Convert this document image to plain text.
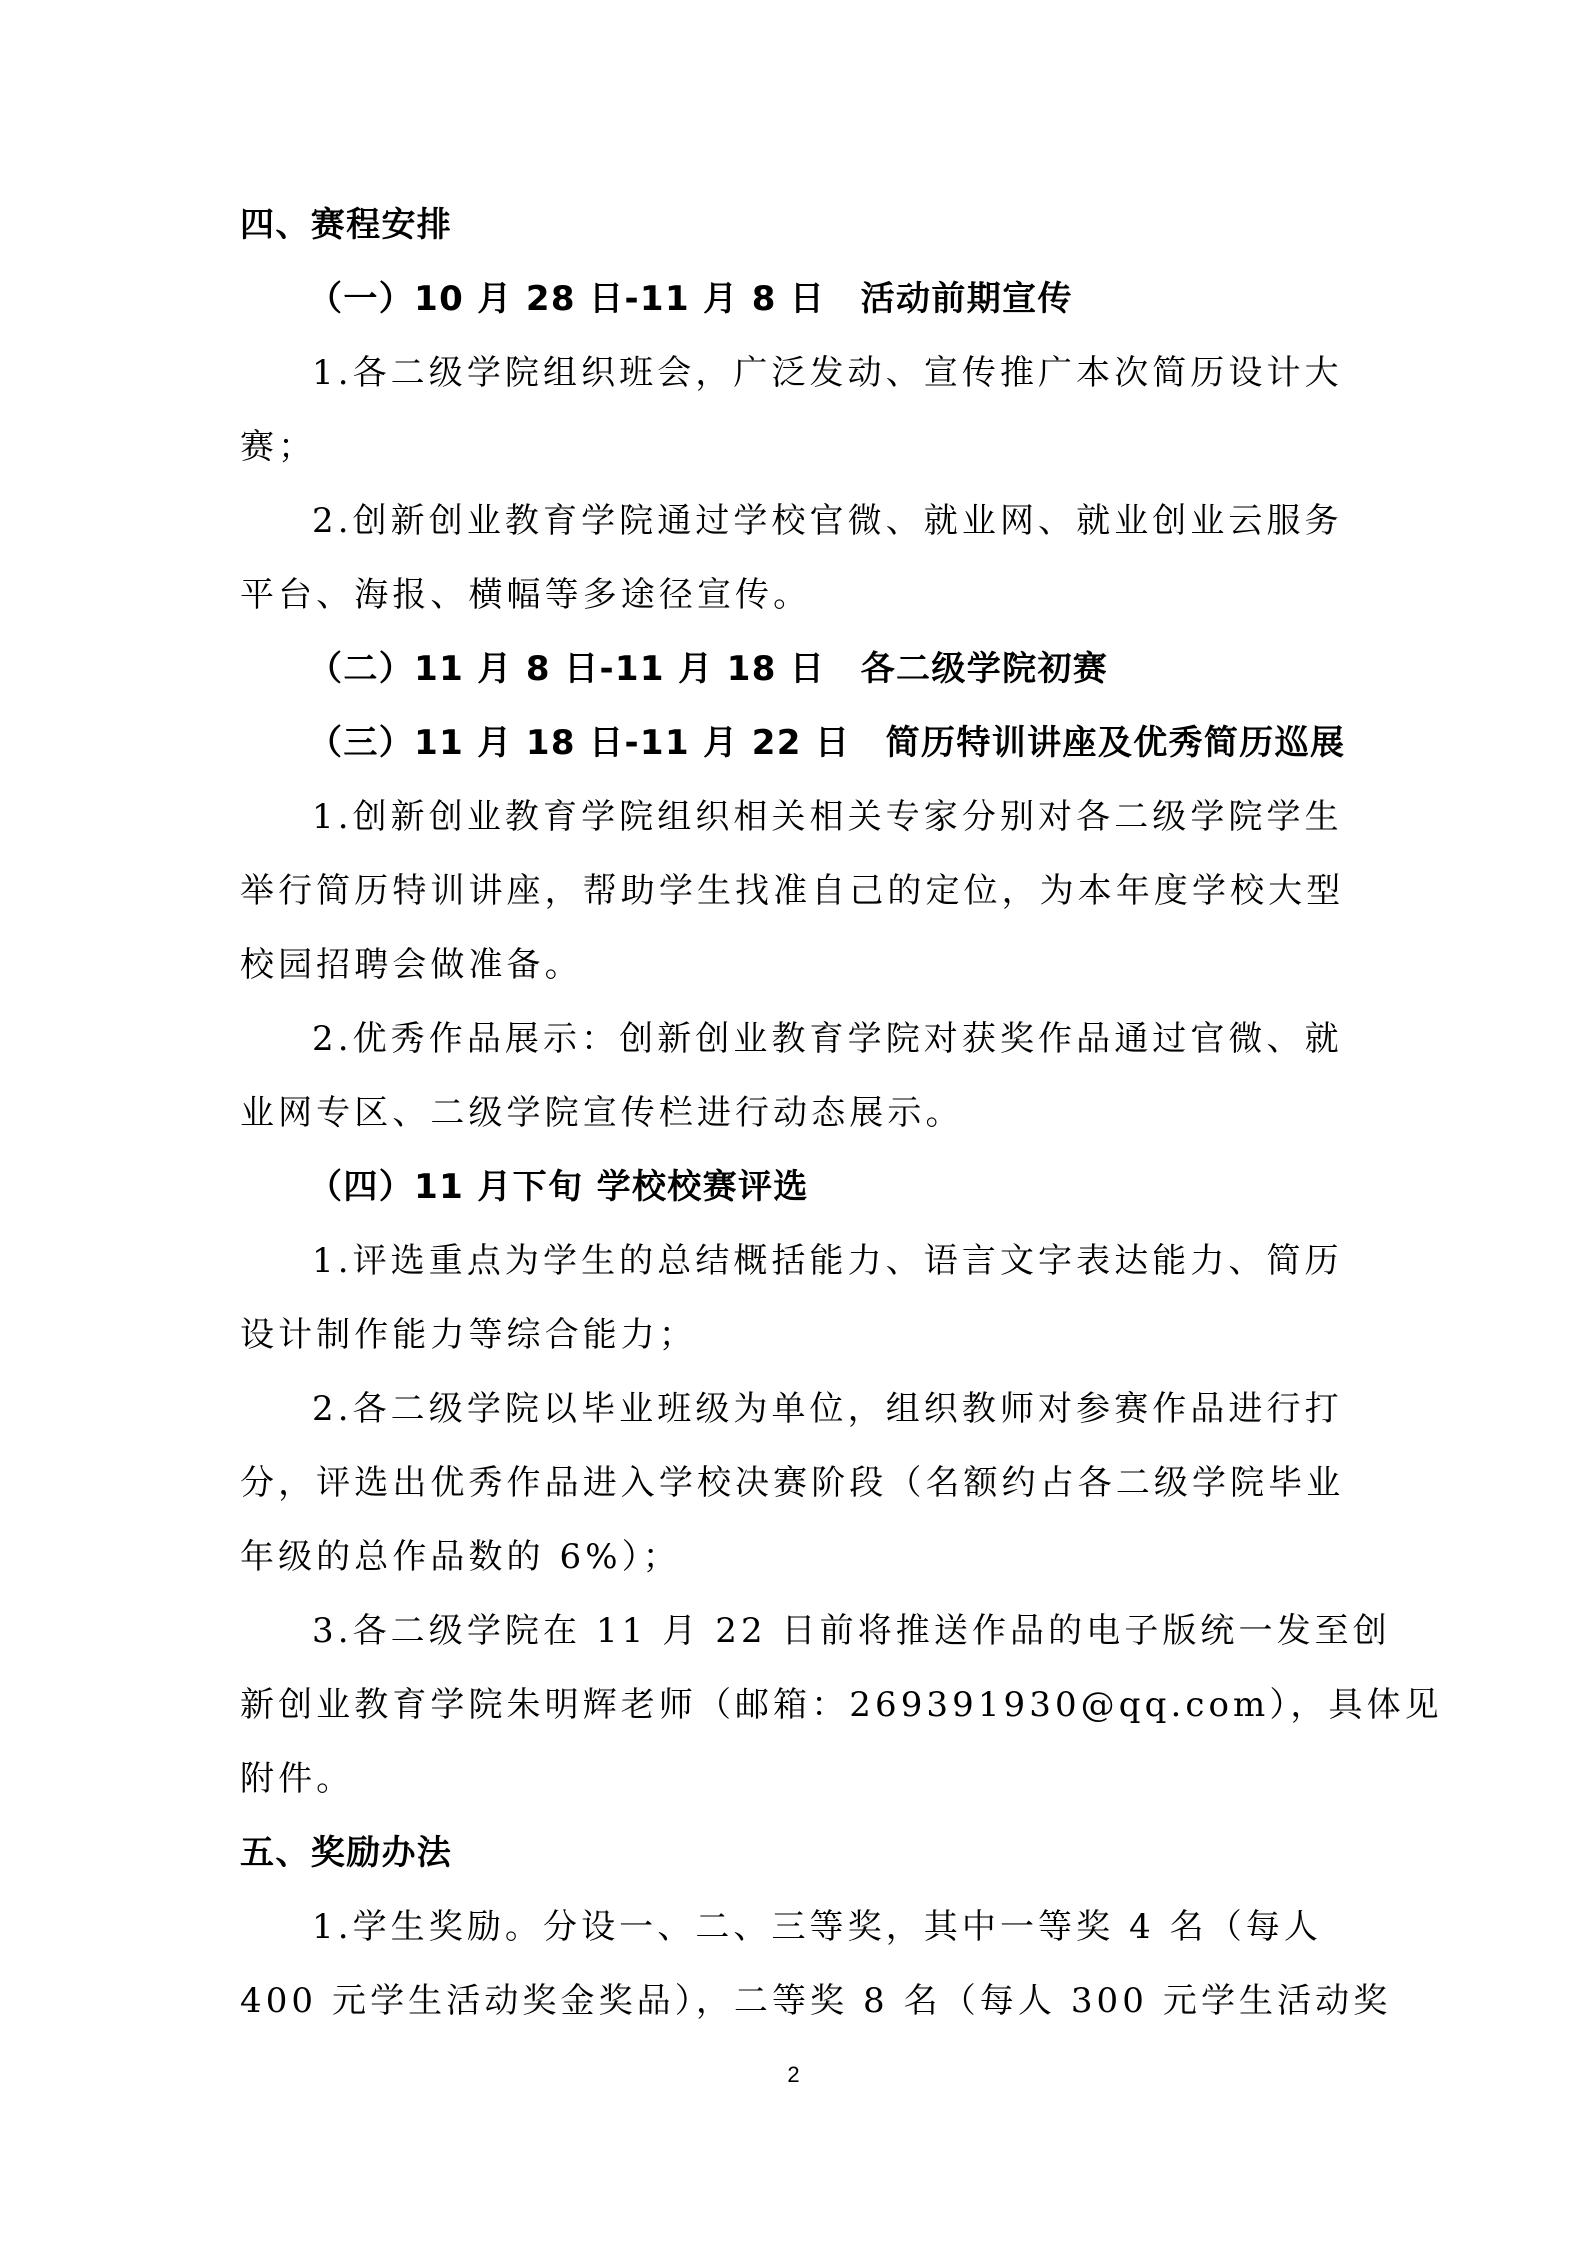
四、赛程安排
（一）10 月 28 日-11 月 8 日　活动前期宣传
1.各二级学院组织班会，广泛发动、宣传推广本次简历设计大
赛；
2.创新创业教育学院通过学校官微、就业网、就业创业云服务
平台、海报、横幅等多途径宣传。
（二）11 月 8 日-11 月 18 日　各二级学院初赛
（三）11 月 18 日-11 月 22 日　简历特训讲座及优秀简历巡展
1.创新创业教育学院组织相关相关专家分别对各二级学院学生
举行简历特训讲座，帮助学生找准自己的定位，为本年度学校大型
校园招聘会做准备。
2.优秀作品展示：创新创业教育学院对获奖作品通过官微、就
业网专区、二级学院宣传栏进行动态展示。
（四）11 月下旬 学校校赛评选
1.评选重点为学生的总结概括能力、语言文字表达能力、简历
设计制作能力等综合能力；
2.各二级学院以毕业班级为单位，组织教师对参赛作品进行打
分，评选出优秀作品进入学校决赛阶段（名额约占各二级学院毕业
年级的总作品数的 6%）；
3.各二级学院在 11 月 22 日前将推送作品的电子版统一发至创
新创业教育学院朱明辉老师（邮箱：269391930@qq.com），具体见
附件。
五、奖励办法
1.学生奖励。分设一、二、三等奖，其中一等奖 4 名（每人
400 元学生活动奖金奖品），二等奖 8 名（每人 300 元学生活动奖
2
